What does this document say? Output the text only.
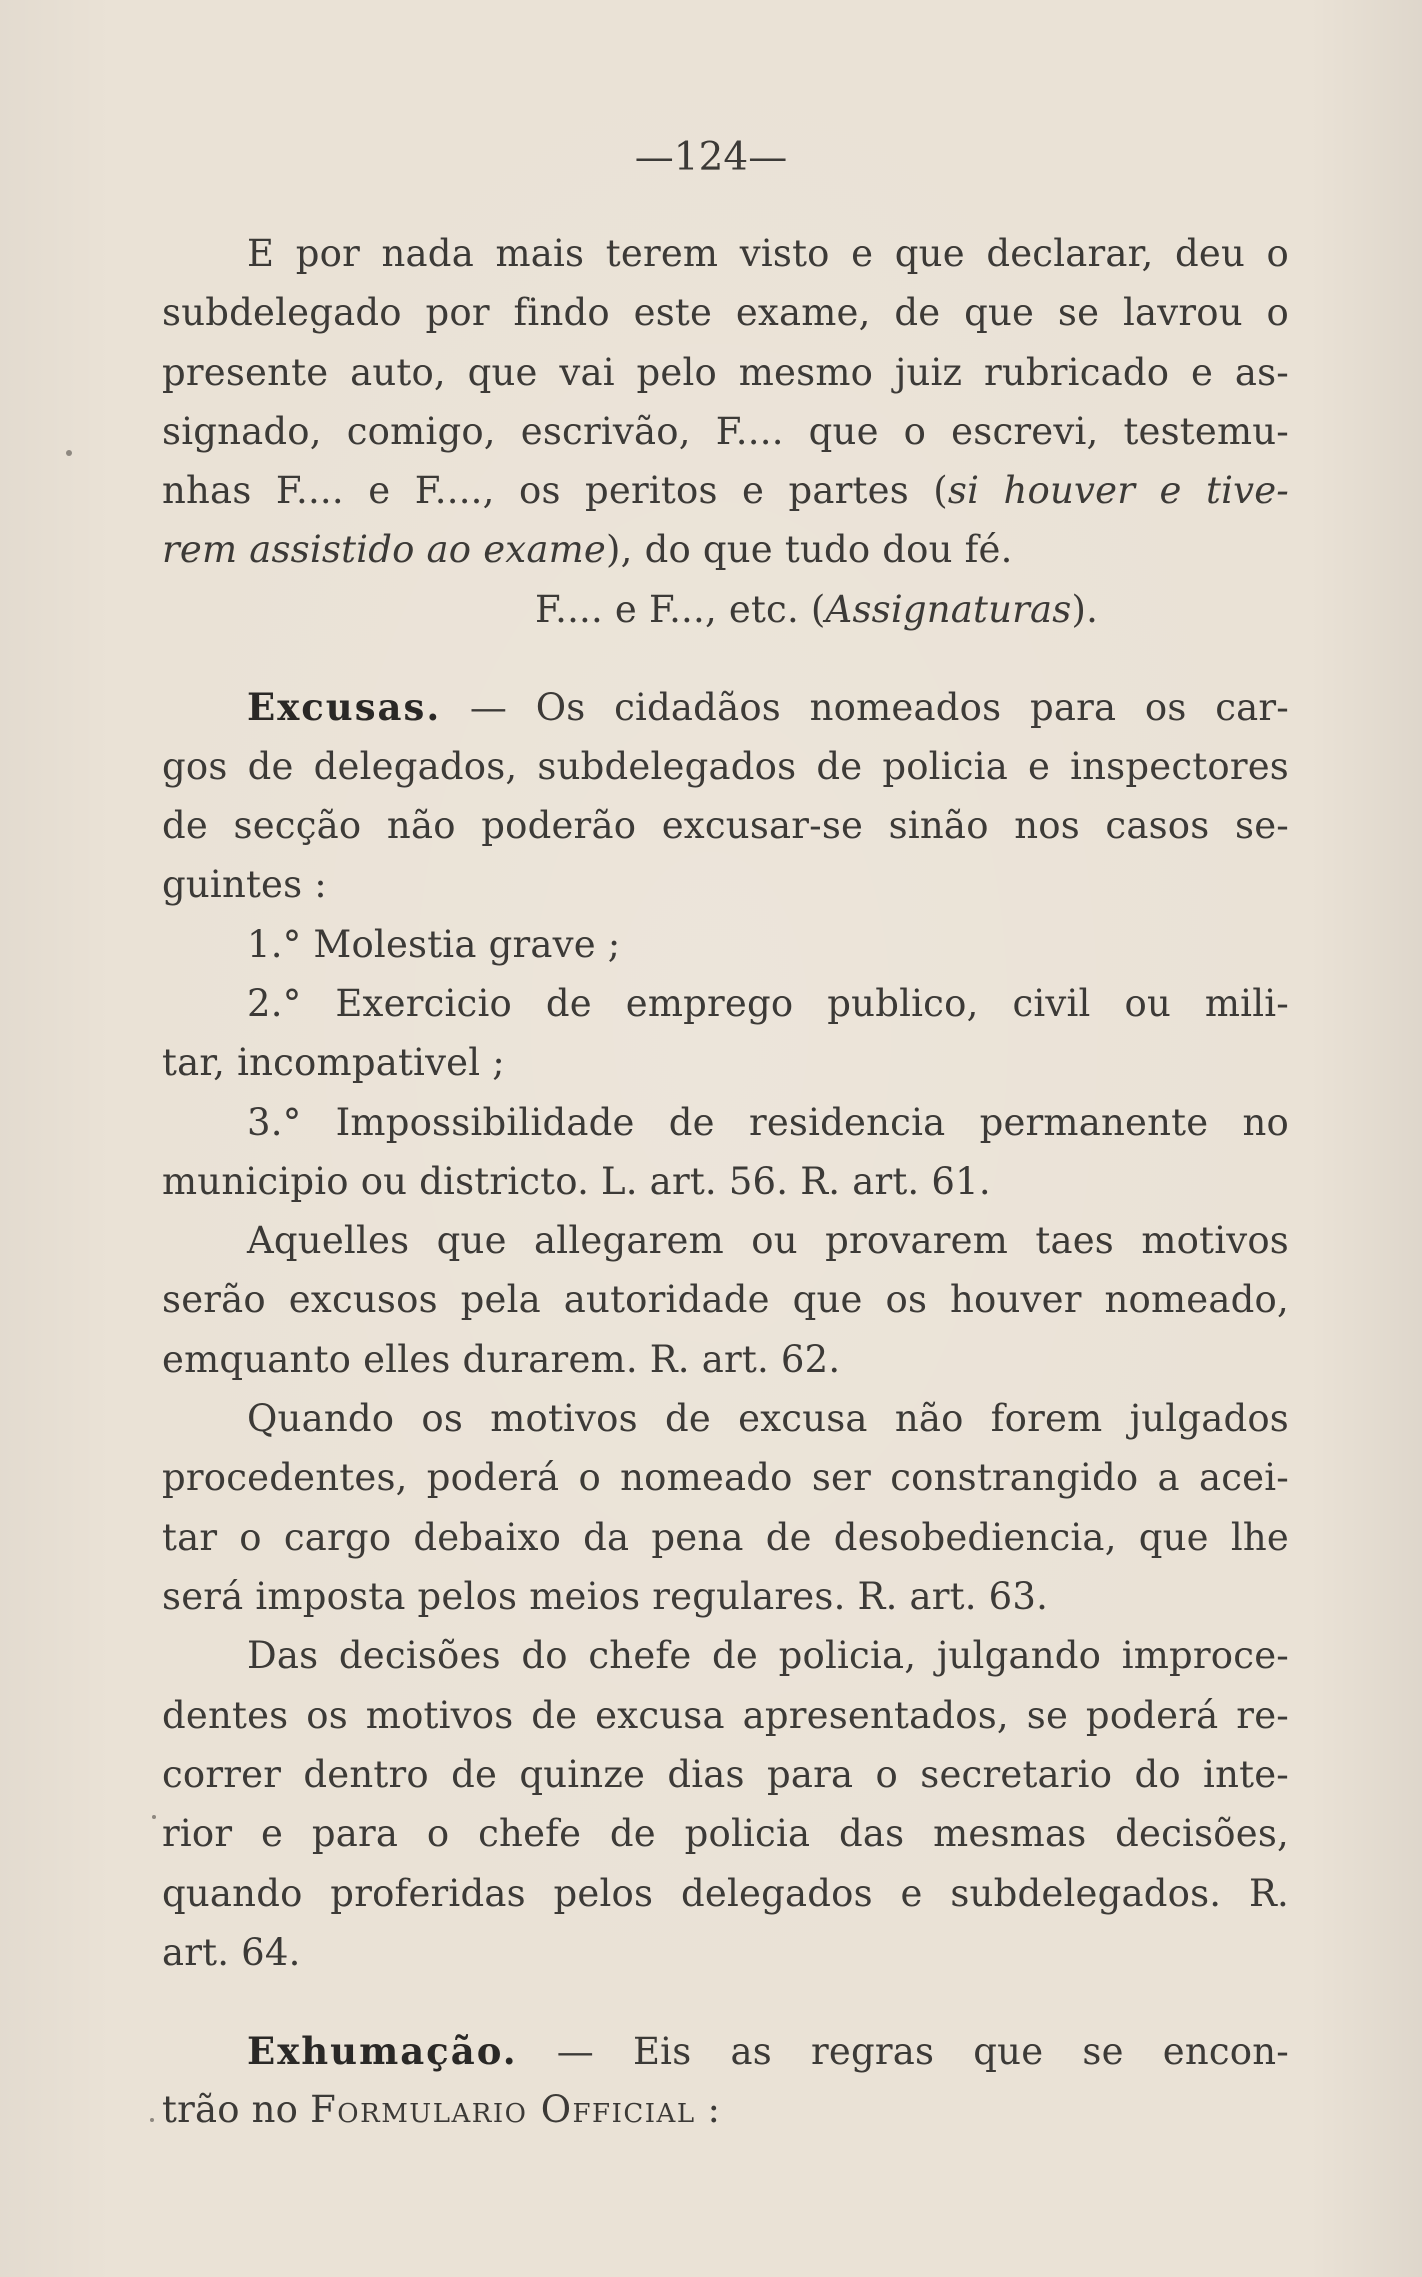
—124—
E por nada mais terem visto e que declarar, deu o
subdelegado por findo este exame, de que se lavrou o
presente auto, que vai pelo mesmo juiz rubricado e as-
signado, comigo, escrivão, F.... que o escrevi, testemu-
nhas F.... e F...., os peritos e partes (si houver e tive-
rem assistido ao exame), do que tudo dou fé.
F.... e F..., etc. (Assignaturas).
Excusas. — Os cidadãos nomeados para os car-
gos de delegados, subdelegados de policia e inspectores
de secção não poderão excusar-se sinão nos casos se-
guintes :
1.° Molestia grave ;
2.° Exercicio de emprego publico, civil ou mili-
tar, incompativel ;
3.° Impossibilidade de residencia permanente no
municipio ou districto. L. art. 56. R. art. 61.
Aquelles que allegarem ou provarem taes motivos
serão excusos pela autoridade que os houver nomeado,
emquanto elles durarem. R. art. 62.
Quando os motivos de excusa não forem julgados
procedentes, poderá o nomeado ser constrangido a acei-
tar o cargo debaixo da pena de desobediencia, que lhe
será imposta pelos meios regulares. R. art. 63.
Das decisões do chefe de policia, julgando improce-
dentes os motivos de excusa apresentados, se poderá re-
correr dentro de quinze dias para o secretario do inte-
rior e para o chefe de policia das mesmas decisões,
quando proferidas pelos delegados e subdelegados. R.
art. 64.
Exhumação. — Eis as regras que se encon-
trão no Formulario Official :
